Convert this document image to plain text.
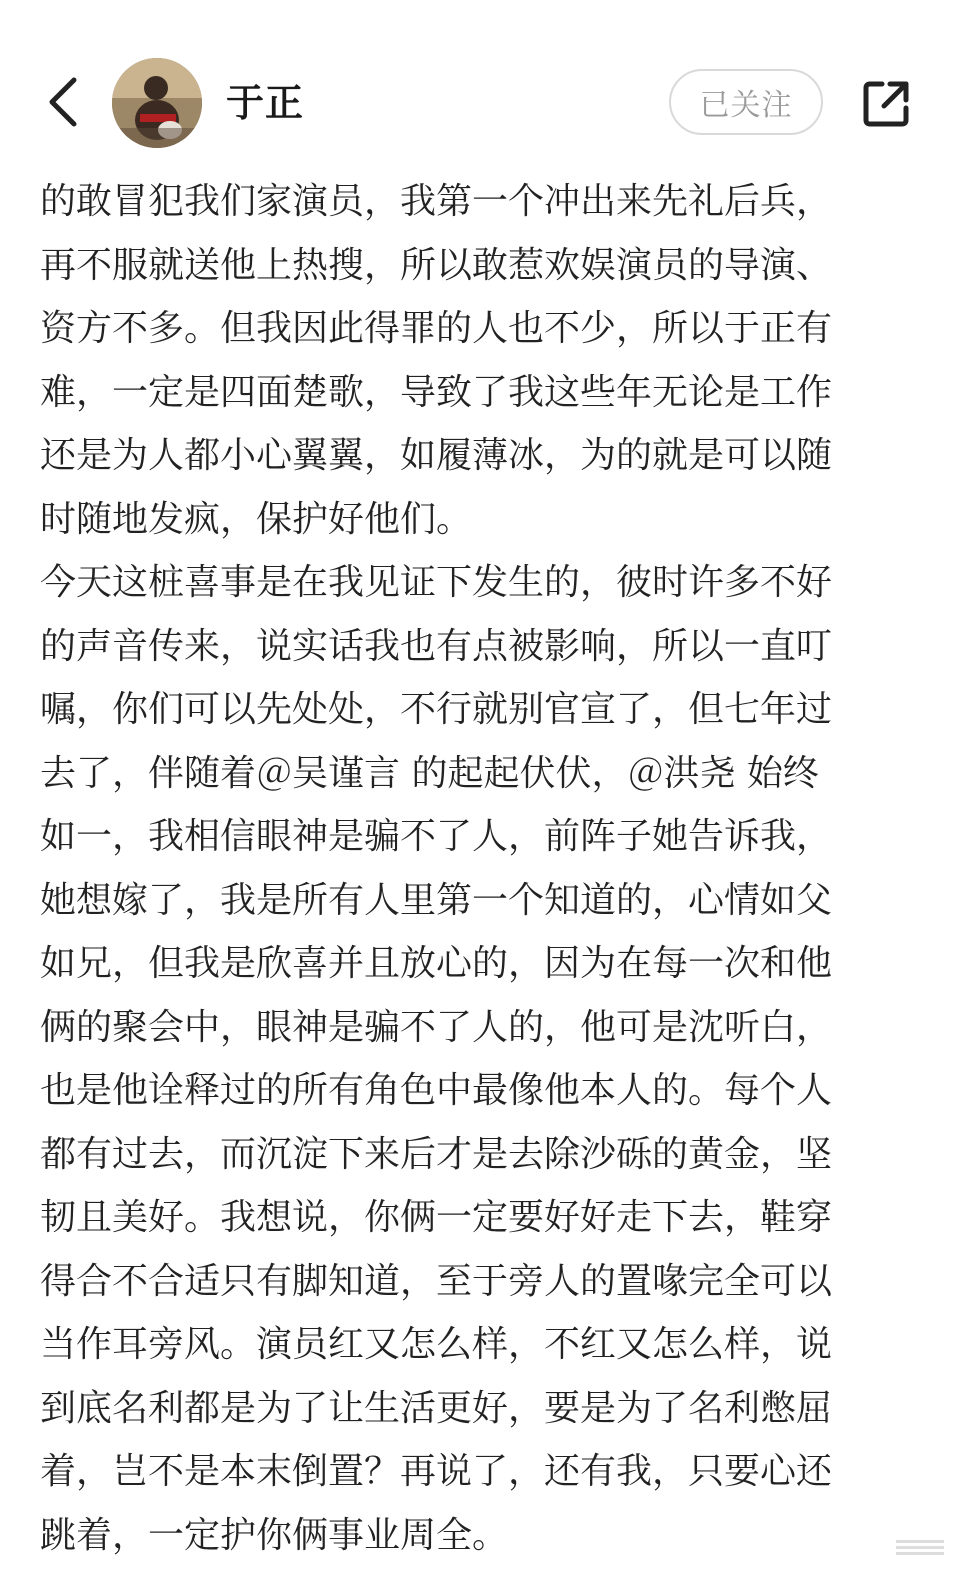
于正	已关注

的敢冒犯我们家演员，我第一个冲出来先礼后兵，
再不服就送他上热搜，所以敢惹欢娱演员的导演、
资方不多。但我因此得罪的人也不少，所以于正有
难，一定是四面楚歌，导致了我这些年无论是工作
还是为人都小心翼翼，如履薄冰，为的就是可以随
时随地发疯，保护好他们。

今天这桩喜事是在我见证下发生的，彼时许多不好
的声音传来，说实话我也有点被影响，所以一直叮
嘱，你们可以先处处，不行就别官宣了，但七年过
去了，伴随着＠吴谨言 的起起伏伏，＠洪尧 始终
如一，我相信眼神是骗不了人，前阵子她告诉我，
她想嫁了，我是所有人里第一个知道的，心情如父
如兄，但我是欣喜并且放心的，因为在每一次和他
俩的聚会中，眼神是骗不了人的，他可是沈听白，
也是他诠释过的所有角色中最像他本人的。每个人
都有过去，而沉淀下来后才是去除沙砾的黄金，坚
韧且美好。我想说，你俩一定要好好走下去，鞋穿
得合不合适只有脚知道，至于旁人的置喙完全可以
当作耳旁风。演员红又怎么样，不红又怎么样，说
到底名利都是为了让生活更好，要是为了名利憋屈
着，岂不是本末倒置？再说了，还有我，只要心还
跳着，一定护你俩事业周全。
